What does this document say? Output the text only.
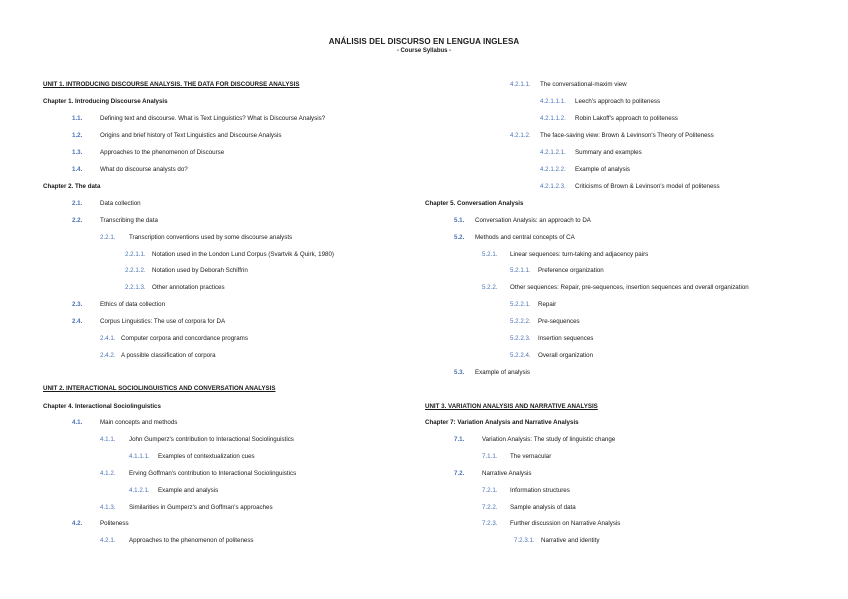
ANÁLISIS DEL DISCURSO EN LENGUA INGLESA
- Course Syllabus -
UNIT 1. INTRODUCING DISCOURSE ANALYSIS. THE DATA FOR DISCOURSE ANALYSIS
Chapter 1. Introducing Discourse Analysis
1.1.	Defining text and discourse. What is Text Linguistics? What is Discourse Analysis?
1.2.	Origins and brief history of Text Linguistics and Discourse Analysis
1.3.	Approaches to the phenomenon of Discourse
1.4.	What do discourse analysts do?
Chapter 2. The data
2.1.	Data collection
2.2.	Transcribing the data
2.2.1. Transcription conventions used by some discourse analysts
2.2.1.1. Notation used in the London Lund Corpus (Svartvik & Quirk, 1980)
2.2.1.2. Notation used by Deborah Schiffrin
2.2.1.3. Other annotation practices
2.3.	Ethics of data collection
2.4.	Corpus Linguistics: The use of corpora for DA
2.4.1. Computer corpora and concordance programs
2.4.2. A possible classification of corpora
UNIT 2. INTERACTIONAL SOCIOLINGUISTICS AND CONVERSATION ANALYSIS
Chapter 4. Interactional Sociolinguistics
4.1.	Main concepts and methods
4.1.1. John Gumperz's contribution to Interactional Sociolinguistics
4.1.1.1. Examples of contextualization cues
4.1.2. Erving Goffman's contribution to Interactional Sociolinguistics
4.1.2.1. Example and analysis
4.1.3. Similarities in Gumperz's and Goffman's approaches
4.2.	Politeness
4.2.1. Approaches to the phenomenon of politeness
4.2.1.1. The conversational-maxim view
4.2.1.1.1. Leech's approach to politeness
4.2.1.1.2. Robin Lakoff's approach to politeness
4.2.1.2. The face-saving view: Brown & Levinson's Theory of Politeness
4.2.1.2.1. Summary and examples
4.2.1.2.2. Example of analysis
4.2.1.2.3. Criticisms of Brown & Levinson's model of politeness
Chapter 5. Conversation Analysis
5.1. Conversation Analysis: an approach to DA
5.2. Methods and central concepts of CA
5.2.1. Linear sequences: turn-taking and adjacency pairs
5.2.1.1. Preference organization
5.2.2. Other sequences: Repair, pre-sequences, insertion sequences and overall organization
5.2.2.1. Repair
5.2.2.2. Pre-sequences
5.2.2.3. Insertion sequences
5.2.2.4. Overall organization
5.3. Example of analysis
UNIT 3. VARIATION ANALYSIS AND NARRATIVE ANALYSIS
Chapter 7: Variation Analysis and Narrative Analysis
7.1.	Variation Analysis: The study of linguistic change
7.1.1. The vernacular
7.2.	Narrative Analysis
7.2.1. Information structures
7.2.2. Sample analysis of data
7.2.3. Further discussion on Narrative Analysis
7.2.3.1. Narrative and identity
